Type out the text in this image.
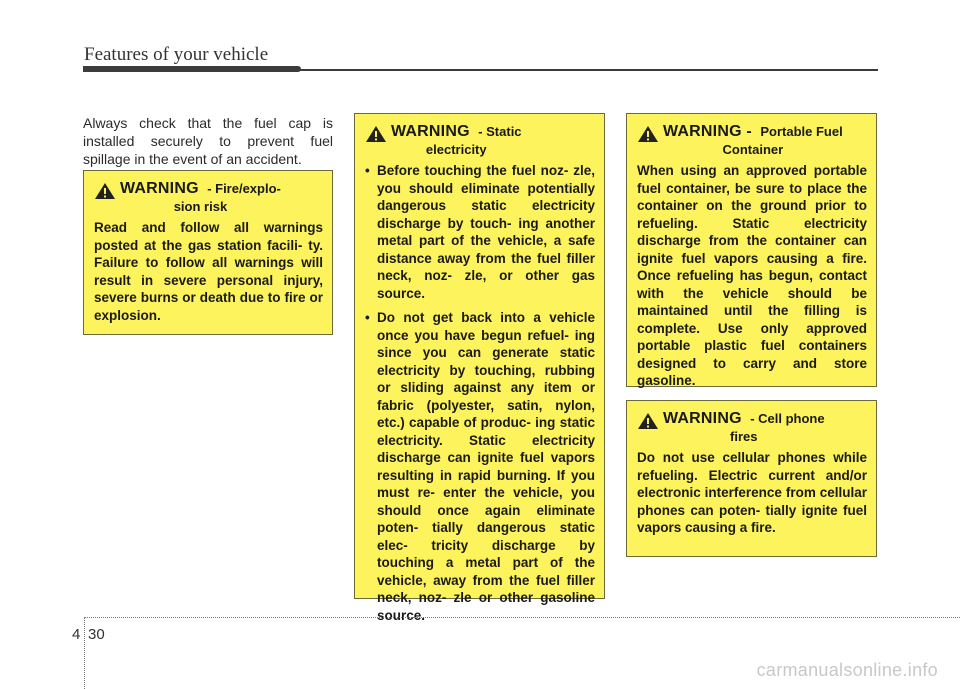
Features of your vehicle
Always check that the fuel cap is installed securely to prevent fuel spillage in the event of an accident.
WARNING - Fire/explo-
sion risk
Read and follow all warnings posted at the gas station facili- ty. Failure to follow all warnings will result in severe personal injury, severe burns or death due to fire or explosion.
WARNING - Static
electricity
• Before touching the fuel noz- zle, you should eliminate potentially dangerous static electricity discharge by touch- ing another metal part of the vehicle, a safe distance away from the fuel filler neck, noz- zle, or other gas source.
• Do not get back into a vehicle once you have begun refuel- ing since you can generate static electricity by touching, rubbing or sliding against any item or fabric (polyester, satin, nylon, etc.) capable of produc- ing static electricity. Static electricity discharge can ignite fuel vapors resulting in rapid burning. If you must re- enter the vehicle, you should once again eliminate poten- tially dangerous static elec- tricity discharge by touching a metal part of the vehicle, away from the fuel filler neck, noz- zle or other gasoline source.
WARNING - Portable Fuel
Container
When using an approved portable fuel container, be sure to place the container on the ground prior to refueling. Static electricity discharge from the container can ignite fuel vapors causing a fire. Once refueling has begun, contact with the vehicle should be maintained until the filling is complete. Use only approved portable plastic fuel containers designed to carry and store gasoline.
WARNING - Cell phone
fires
Do not use cellular phones while refueling. Electric current and/or electronic interference from cellular phones can poten- tially ignite fuel vapors causing a fire.
4 30
carmanualsonline.info
